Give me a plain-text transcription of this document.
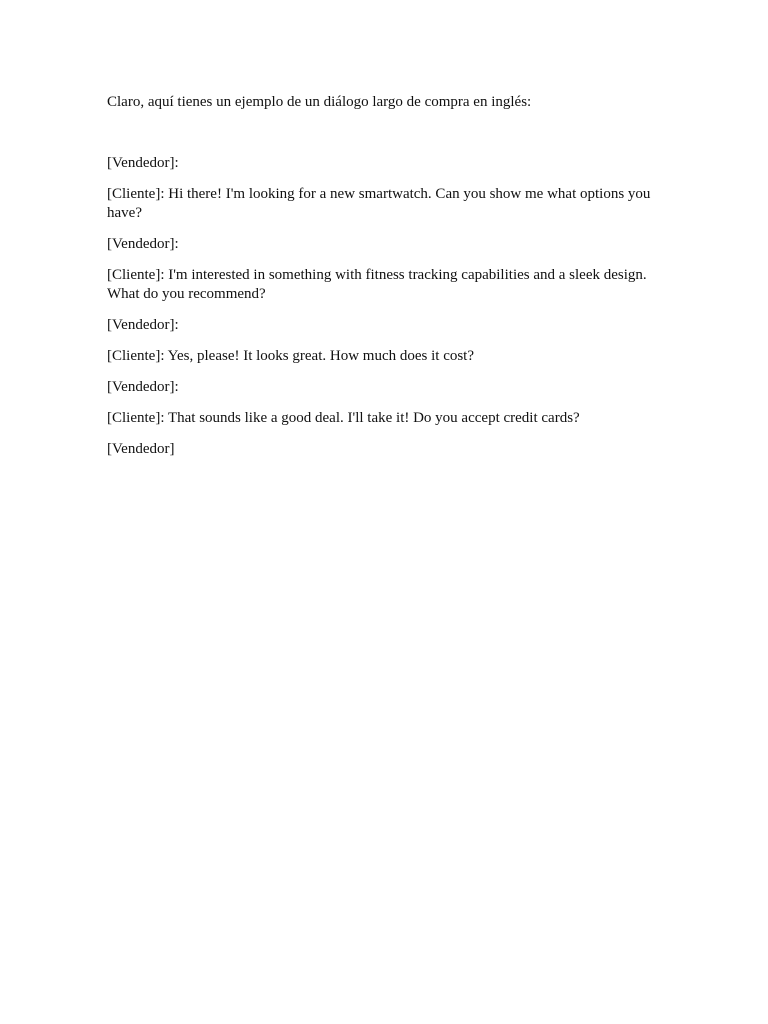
Claro, aquí tienes un ejemplo de un diálogo largo de compra en inglés:

[Vendedor]:

[Cliente]: Hi there! I'm looking for a new smartwatch. Can you show me what options you have?

[Vendedor]:

[Cliente]: I'm interested in something with fitness tracking capabilities and a sleek design. What do you recommend?

[Vendedor]:

[Cliente]: Yes, please! It looks great. How much does it cost?

[Vendedor]:

[Cliente]: That sounds like a good deal. I'll take it! Do you accept credit cards?

[Vendedor]
